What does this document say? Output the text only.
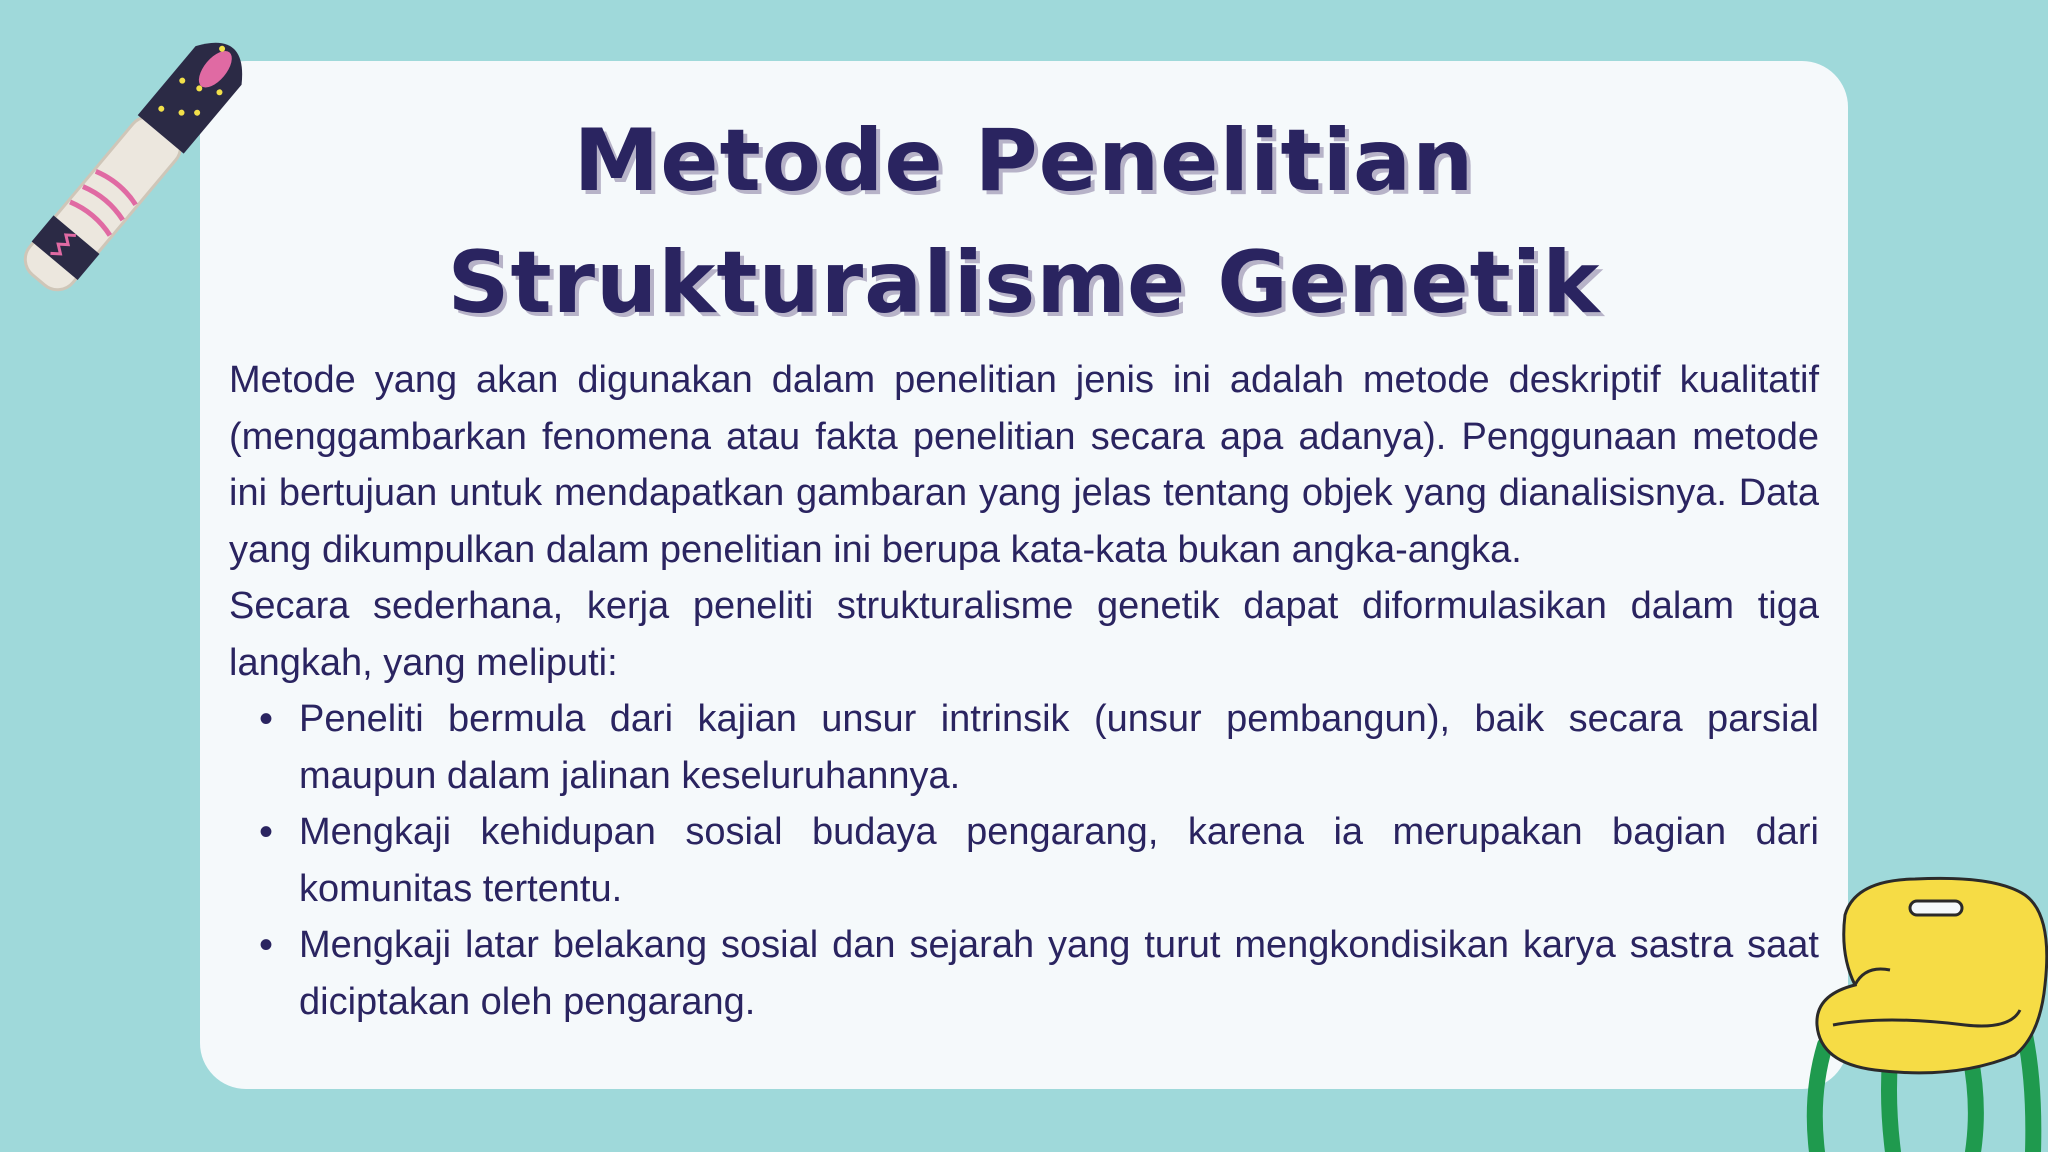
Metode Penelitian
Strukturalisme Genetik

Metode yang akan digunakan dalam penelitian jenis ini adalah metode deskriptif kualitatif (menggambarkan fenomena atau fakta penelitian secara apa adanya). Penggunaan metode ini bertujuan untuk mendapatkan gambaran yang jelas tentang objek yang dianalisisnya. Data yang dikumpulkan dalam penelitian ini berupa kata-kata bukan angka-angka.

Secara sederhana, kerja peneliti strukturalisme genetik dapat diformulasikan dalam tiga langkah, yang meliputi:

• Peneliti bermula dari kajian unsur intrinsik (unsur pembangun), baik secara parsial maupun dalam jalinan keseluruhannya.
• Mengkaji kehidupan sosial budaya pengarang, karena ia merupakan bagian dari komunitas tertentu.
• Mengkaji latar belakang sosial dan sejarah yang turut mengkondisikan karya sastra saat diciptakan oleh pengarang.
